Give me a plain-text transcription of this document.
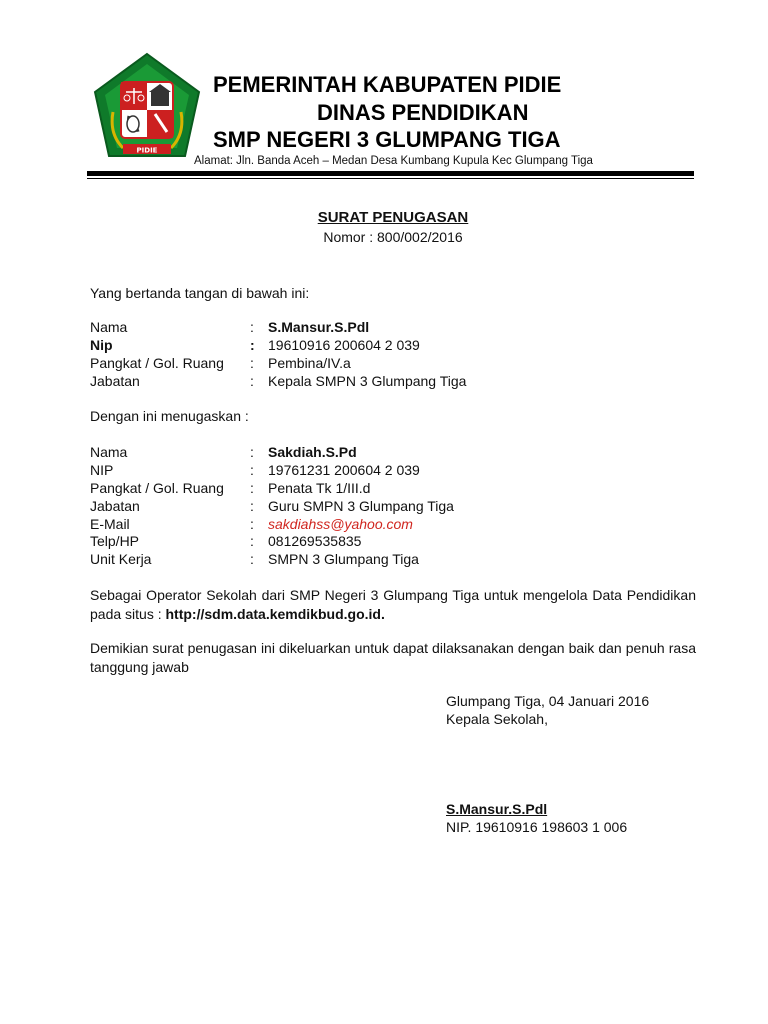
PIDIE
PEMERINTAH KABUPATEN PIDIE
DINAS PENDIDIKAN
SMP NEGERI 3 GLUMPANG TIGA
Alamat: Jln. Banda Aceh – Medan Desa Kumbang Kupula Kec Glumpang Tiga
SURAT PENUGASAN
Nomor : 800/002/2016
Yang bertanda tangan di bawah ini:
Nama	: S.Mansur.S.Pdl
Nip	: 19610916 200604 2 039
Pangkat / Gol. Ruang : Pembina/IV.a
Jabatan	: Kepala SMPN 3 Glumpang Tiga
Dengan ini menugaskan :
Nama	: Sakdiah.S.Pd
NIP	: 19761231 200604 2 039
Pangkat / Gol. Ruang : Penata Tk 1/III.d
Jabatan	: Guru SMPN 3 Glumpang Tiga
E-Mail	: sakdiahss@yahoo.com
Telp/HP	: 081269535835
Unit Kerja	: SMPN 3 Glumpang Tiga
Sebagai Operator Sekolah dari SMP Negeri 3 Glumpang Tiga untuk mengelola Data Pendidikan pada situs : http://sdm.data.kemdikbud.go.id.
Demikian surat penugasan ini dikeluarkan untuk dapat dilaksanakan dengan baik dan penuh rasa tanggung jawab
Glumpang Tiga, 04 Januari 2016
Kepala Sekolah,
S.Mansur.S.Pdl
NIP. 19610916 198603 1 006
